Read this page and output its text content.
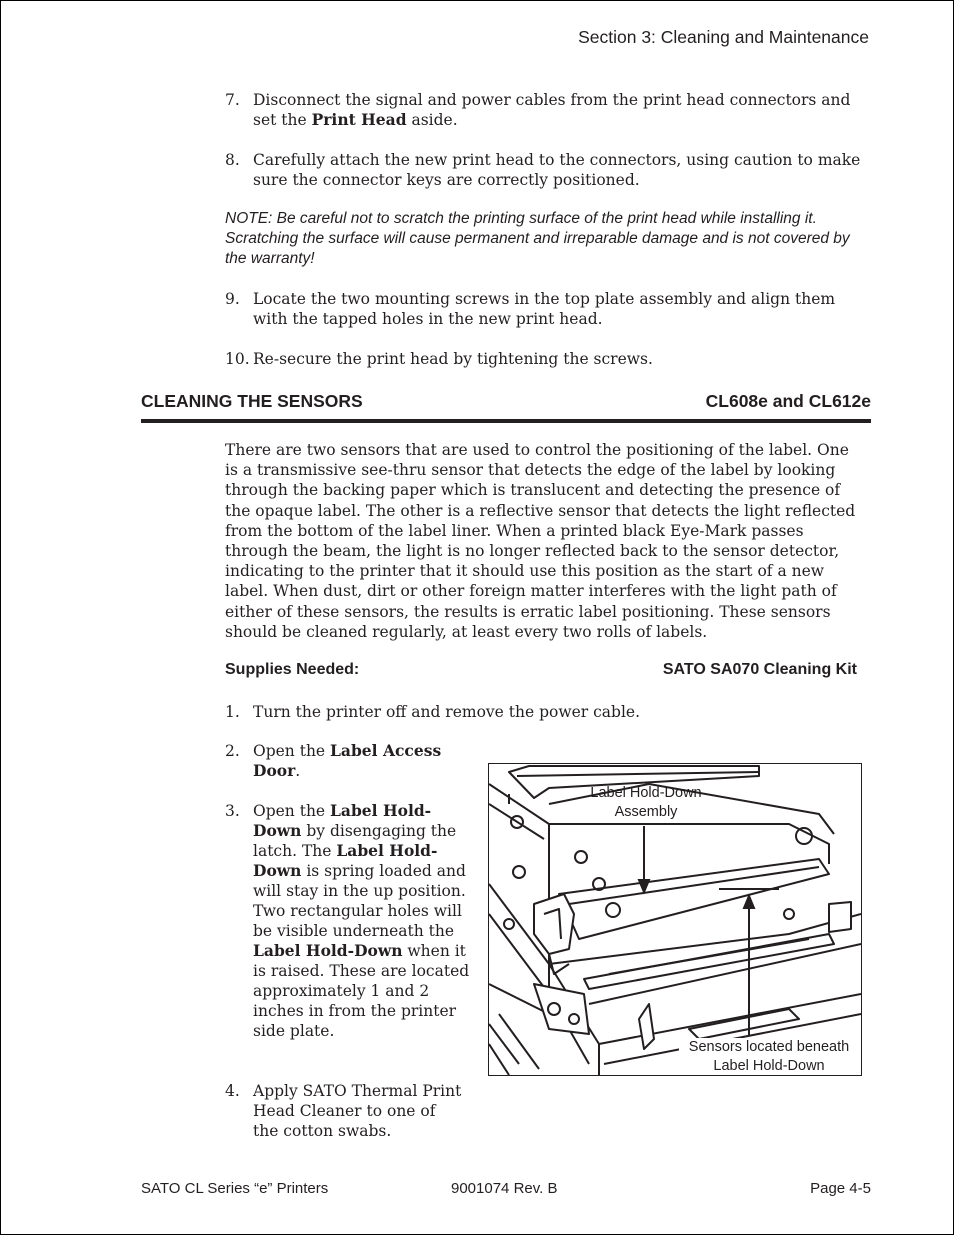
Section 3: Cleaning and Maintenance
7. Disconnect the signal and power cables from the print head connectors and set the Print Head aside.
8. Carefully attach the new print head to the connectors, using caution to make sure the connector keys are correctly positioned.
NOTE: Be careful not to scratch the printing surface of the print head while installing it. Scratching the surface will cause permanent and irreparable damage and is not covered by the warranty!
9. Locate the two mounting screws in the top plate assembly and align them with the tapped holes in the new print head.
10. Re-secure the print head by tightening the screws.
CLEANING THE SENSORS	CL608e and CL612e
There are two sensors that are used to control the positioning of the label. One is a transmissive see-thru sensor that detects the edge of the label by looking through the backing paper which is translucent and detecting the presence of the opaque label. The other is a reflective sensor that detects the light reflected from the bottom of the label liner. When a printed black Eye-Mark passes through the beam, the light is no longer reflected back to the sensor detector, indicating to the printer that it should use this position as the start of a new label. When dust, dirt or other foreign matter interferes with the light path of either of these sensors, the results is erratic label positioning. These sensors should be cleaned regularly, at least every two rolls of labels.
Supplies Needed:	SATO SA070 Cleaning Kit
1. Turn the printer off and remove the power cable.
2. Open the Label Access Door.
3. Open the Label Hold-Down by disengaging the latch. The Label Hold-Down is spring loaded and will stay in the up position. Two rectangular holes will be visible underneath the Label Hold-Down when it is raised. These are located approximately 1 and 2 inches in from the printer side plate.
4. Apply SATO Thermal Print Head Cleaner to one of the cotton swabs.
Label Hold-Down Assembly
Sensors located beneath Label Hold-Down
SATO CL Series “e” Printers	9001074 Rev. B	Page 4-5
